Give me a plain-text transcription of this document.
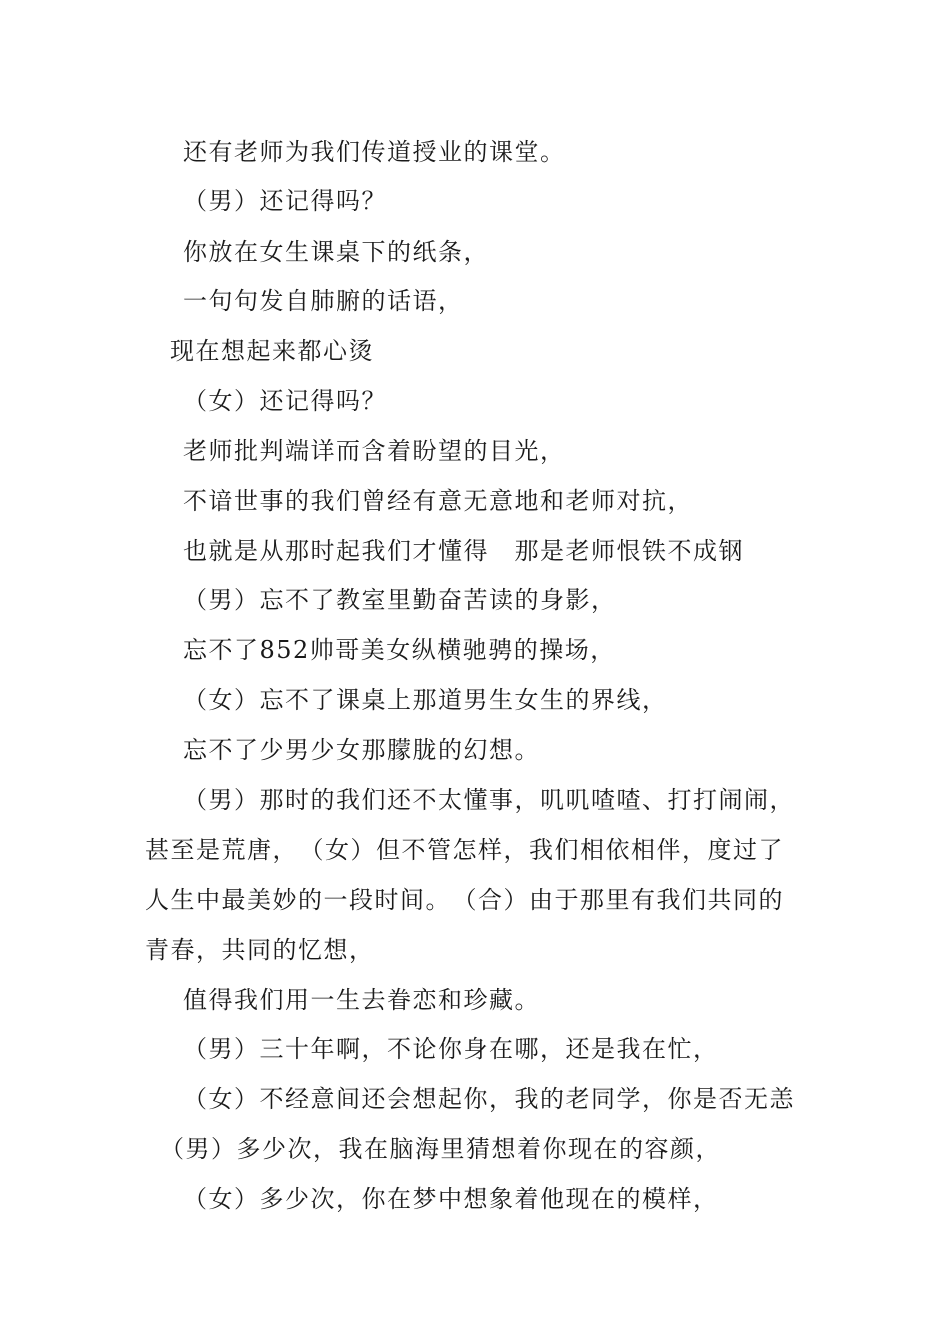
还有老师为我们传道授业的课堂。
（男）还记得吗？
你放在女生课桌下的纸条，
一句句发自肺腑的话语，
现在想起来都心烫
（女）还记得吗？
老师批判端详而含着盼望的目光，
不谙世事的我们曾经有意无意地和老师对抗，
也就是从那时起我们才懂得　那是老师恨铁不成钢
（男）忘不了教室里勤奋苦读的身影，
忘不了852帅哥美女纵横驰骋的操场，
（女）忘不了课桌上那道男生女生的界线，
忘不了少男少女那朦胧的幻想。
（男）那时的我们还不太懂事，叽叽喳喳、打打闹闹，
甚至是荒唐，　（女）但不管怎样，我们相依相伴，度过了
人生中最美妙的一段时间。　（合）由于那里有我们共同的
青春，共同的忆想，
值得我们用一生去眷恋和珍藏。
（男）三十年啊，不论你身在哪，还是我在忙，
（女）不经意间还会想起你，我的老同学，你是否无恙
（男）多少次，我在脑海里猜想着你现在的容颜，
（女）多少次，你在梦中想象着他现在的模样，
